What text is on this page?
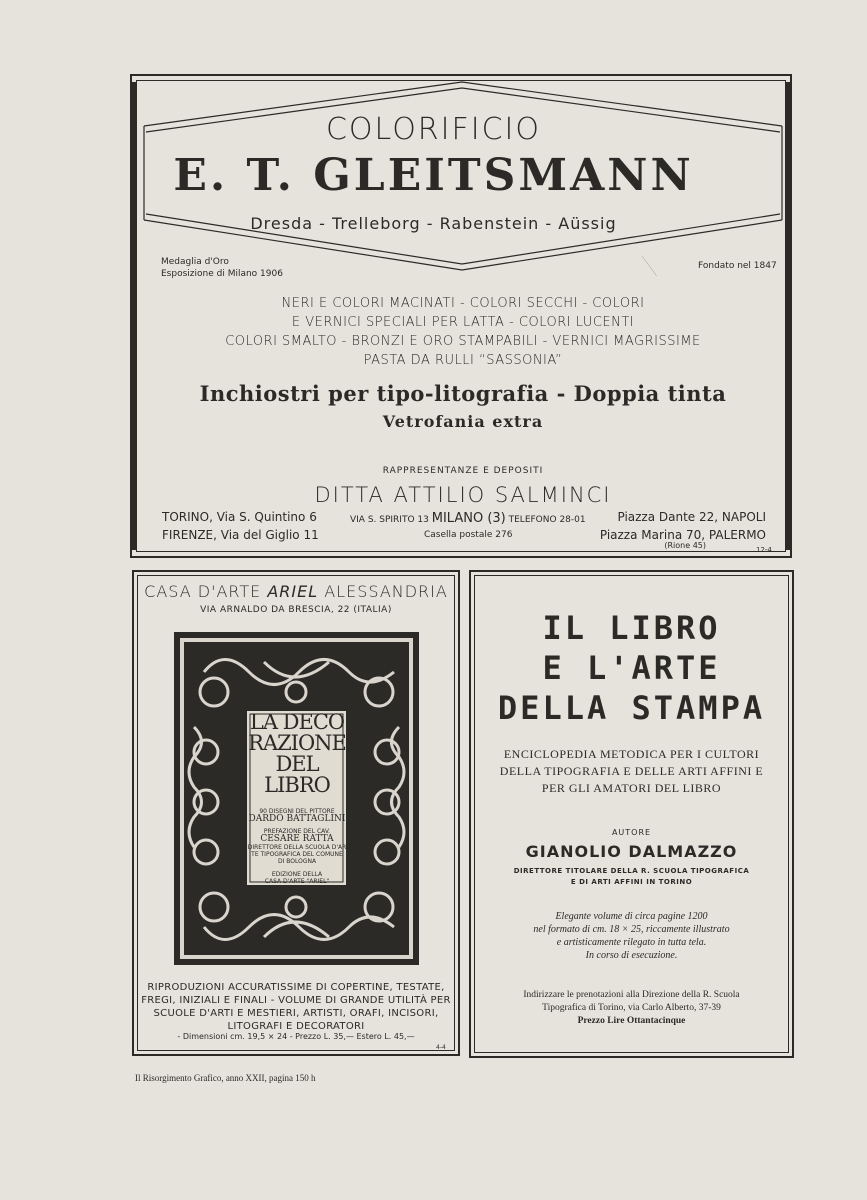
COLORIFICIO
E. T. GLEITSMANN
Dresda - Trelleborg - Rabenstein - Aüssig
Medaglia d'Oro
Esposizione di Milano 1906
Fondato nel 1847
NERI E COLORI MACINATI - COLORI SECCHI - COLORI
E VERNICI SPECIALI PER LATTA - COLORI LUCENTI
COLORI SMALTO - BRONZI E ORO STAMPABILI - VERNICI MAGRISSIME
PASTA DA RULLI “SASSONIA”
Inchiostri per tipo-litografia - Doppia tinta
Vetrofania extra
RAPPRESENTANZE E DEPOSITI
DITTA ATTILIO SALMINCI
TORINO, Via S. Quintino 6
FIRENZE, Via del Giglio 11
VIA S. SPIRITO 13 MILANO (3) TELEFONO 28-01
Casella postale 276
Piazza Dante 22, NAPOLI
Piazza Marina 70, PALERMO
(Rione 45)	12-4
CASA D'ARTE ARIEL ALESSANDRIA
VIA ARNALDO DA BRESCIA, 22 (ITALIA)
LA DECO
RAZIONE
DEL LIBRO
90 DISEGNI DEL PITTORE
DARDO BATTAGLINI
PREFAZIONE DEL CAV.
CESARE RATTA
DIRETTORE DELLA SCUOLA D'AR
TE TIPOGRAFICA DEL COMUNE
DI BOLOGNA
EDIZIONE DELLA
CASA D'ARTE "ARIEL"
ALESSANDRIA
RIPRODUZIONI ACCURATISSIME DI COPERTINE, TESTATE, FREGI, INIZIALI E FINALI - VOLUME DI GRANDE UTILITÀ PER SCUOLE D'ARTI E MESTIERI, ARTISTI, ORAFI, INCISORI, LITOGRAFI E DECORATORI
- Dimensioni cm. 19,5 × 24 - Prezzo L. 35,— Estero L. 45,—
4-4
IL LIBRO
E L'ARTE
DELLA STAMPA
ENCICLOPEDIA METODICA PER I CULTORI DELLA TIPOGRAFIA E DELLE ARTI AFFINI E PER GLI AMATORI DEL LIBRO
AUTORE
GIANOLIO DALMAZZO
DIRETTORE TITOLARE DELLA R. SCUOLA TIPOGRAFICA
E DI ARTI AFFINI IN TORINO
Elegante volume di circa pagine 1200
nel formato di cm. 18 × 25, riccamente illustrato
e artisticamente rilegato in tutta tela.
In corso di esecuzione.
Indirizzare le prenotazioni alla Direzione della R. Scuola
Tipografica di Torino, via Carlo Alberto, 37-39
Prezzo Lire Ottantacinque
Il Risorgimento Grafico, anno XXII, pagina 150 h
